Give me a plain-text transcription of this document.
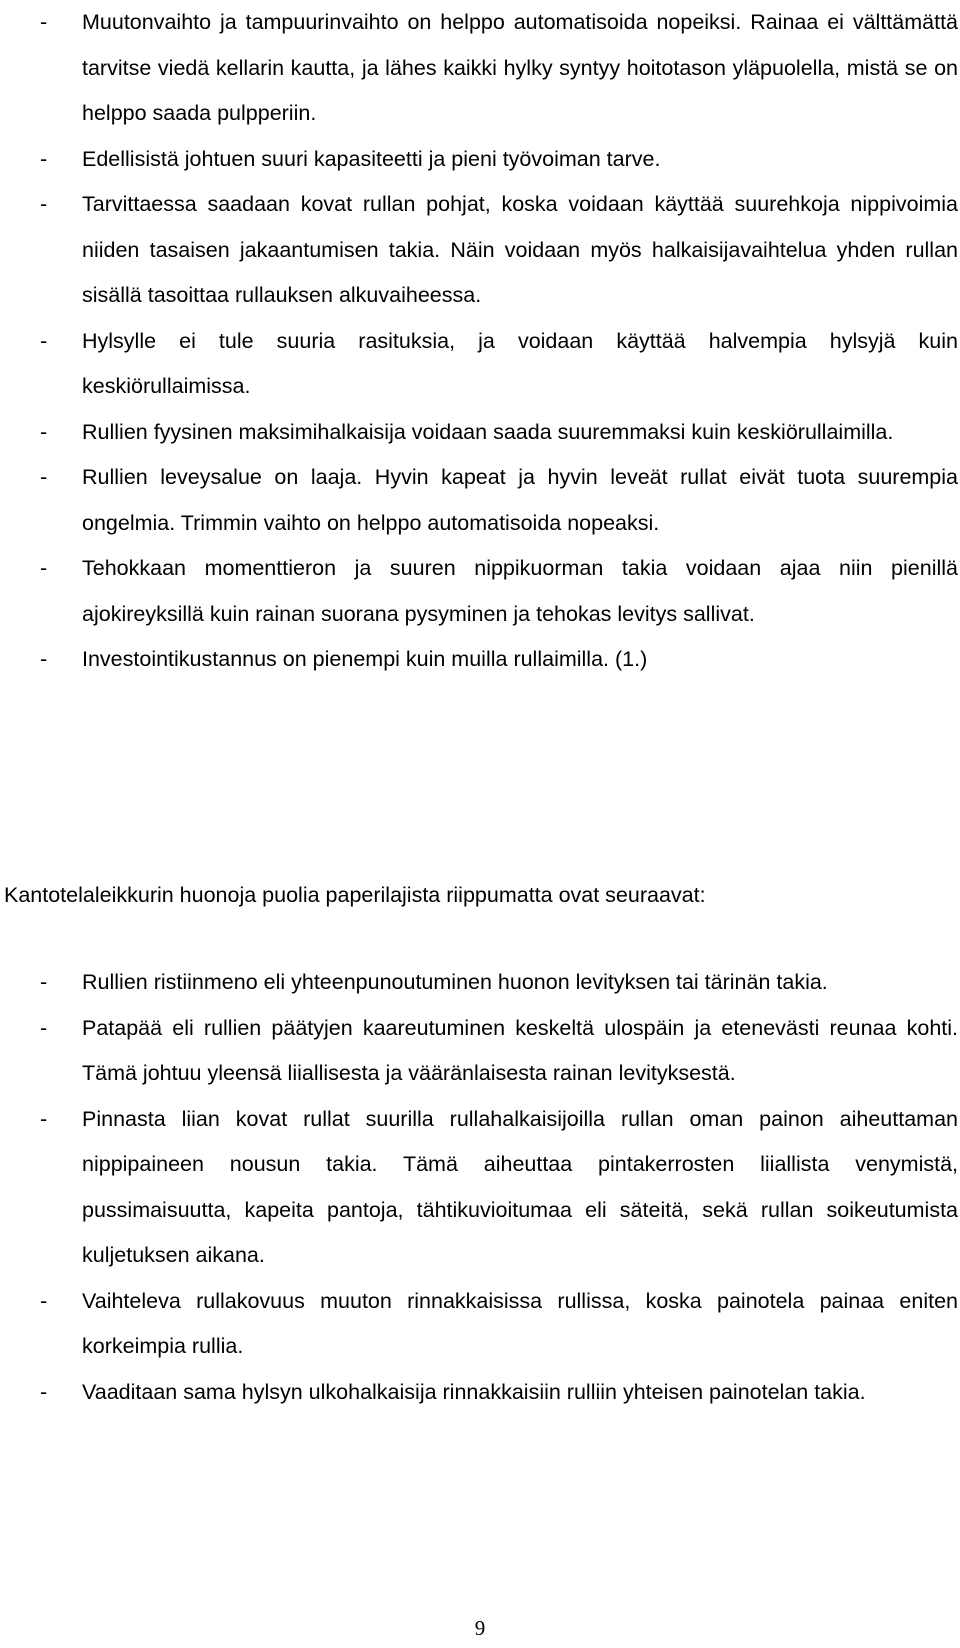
- Muutonvaihto ja tampuurinvaihto on helppo automatisoida nopeiksi. Rainaa ei välttämättä tarvitse viedä kellarin kautta, ja lähes kaikki hylky syntyy hoitotason yläpuolella, mistä se on helppo saada pulpperiin.
- Edellisistä johtuen suuri kapasiteetti ja pieni työvoiman tarve.
- Tarvittaessa saadaan kovat rullan pohjat, koska voidaan käyttää suurehkoja nippivoimia niiden tasaisen jakaantumisen takia. Näin voidaan myös halkaisijavaihtelua yhden rullan sisällä tasoittaa rullauksen alkuvaiheessa.
- Hylsylle ei tule suuria rasituksia, ja voidaan käyttää halvempia hylsyjä kuin keskiörullaimissa.
- Rullien fyysinen maksimihalkaisija voidaan saada suuremmaksi kuin keskiörullaimilla.
- Rullien leveysalue on laaja. Hyvin kapeat ja hyvin leveät rullat eivät tuota suurempia ongelmia. Trimmin vaihto on helppo automatisoida nopeaksi.
- Tehokkaan momenttieron ja suuren nippikuorman takia voidaan ajaa niin pienillä ajokireyksillä kuin rainan suorana pysyminen ja tehokas levitys sallivat.
- Investointikustannus on pienempi kuin muilla rullaimilla. (1.)

Kantotelaleikkurin huonoja puolia paperilajista riippumatta ovat seuraavat:

- Rullien ristiinmeno eli yhteenpunoutuminen huonon levityksen tai tärinän takia.
- Patapää eli rullien päätyjen kaareutuminen keskeltä ulospäin ja etenevästi reunaa kohti. Tämä johtuu yleensä liiallisesta ja vääränlaisesta rainan levityksestä.
- Pinnasta liian kovat rullat suurilla rullahalkaisijoilla rullan oman painon aiheuttaman nippipaineen nousun takia. Tämä aiheuttaa pintakerrosten liiallista venymistä, pussimaisuutta, kapeita pantoja, tähtikuvioitumaa eli säteitä, sekä rullan soikeutumista kuljetuksen aikana.
- Vaihteleva rullakovuus muuton rinnakkaisissa rullissa, koska painotela painaa eniten korkeimpia rullia.
- Vaaditaan sama hylsyn ulkohalkaisija rinnakkaisiin rulliin yhteisen painotelan takia.
9
